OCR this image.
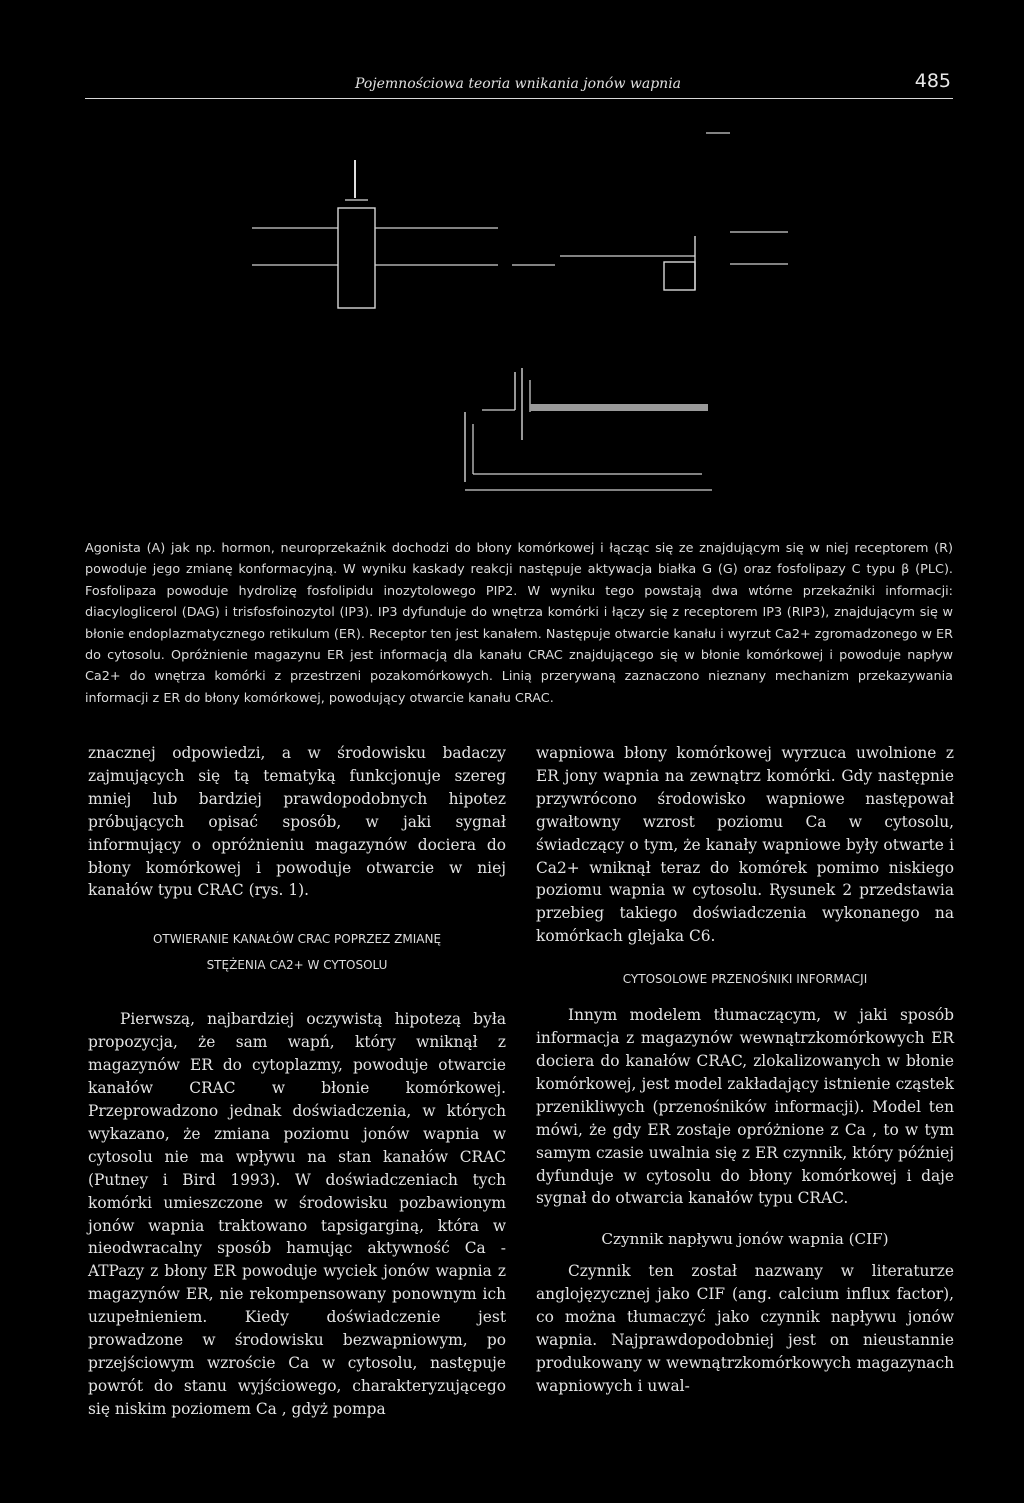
Pojemnościowa teoria wnikania jonów wapnia	485

Agonista (A) jak np. hormon, neuroprzekaźnik dochodzi do błony komórkowej i łącząc się ze znajdującym się w niej receptorem (R) powoduje jego zmianę konformacyjną. W wyniku kaskady reakcji następuje aktywacja białka G (G) oraz fosfolipazy C typu β (PLC). Fosfolipaza powoduje hydrolizę fosfolipidu inozytolowego PIP2. W wyniku tego powstają dwa wtórne przekaźniki informacji: diacyloglicerol (DAG) i trisfosfoinozytol (IP3). IP3 dyfunduje do wnętrza komórki i łączy się z receptorem IP3 (RIP3), znajdującym się w błonie endoplazmatycznego retikulum (ER). Receptor ten jest kanałem. Następuje otwarcie kanału i wyrzut Ca2+ zgromadzonego w ER do cytosolu. Opróżnienie magazynu ER jest informacją dla kanału CRAC znajdującego się w błonie komórkowej i powoduje napływ Ca2+ do wnętrza komórki z przestrzeni pozakomórkowych. Linią przerywaną zaznaczono nieznany mechanizm przekazywania informacji z ER do błony komórkowej, powodujący otwarcie kanału CRAC.

znacznej odpowiedzi, a w środowisku badaczy zajmujących się tą tematyką funkcjonuje szereg mniej lub bardziej prawdopodobnych hipotez próbujących opisać sposób, w jaki sygnał informujący o opróżnieniu magazynów dociera do błony komórkowej i powoduje otwarcie w niej kanałów typu CRAC (rys. 1).

OTWIERANIE KANAŁÓW CRAC POPRZEZ ZMIANĘ

STĘŻENIA CA2+ W CYTOSOLU

Pierwszą, najbardziej oczywistą hipotezą była propozycja, że sam wapń, który wniknął z magazynów ER do cytoplazmy, powoduje otwarcie kanałów CRAC w błonie komórkowej. Przeprowadzono jednak doświadczenia, w których wykazano, że zmiana poziomu jonów wapnia w cytosolu nie ma wpływu na stan kanałów CRAC (Putney i Bird 1993). W doświadczeniach tych komórki umieszczone w środowisku pozbawionym jonów wapnia traktowano tapsigarginą, która w nieodwracalny sposób hamując aktywność Ca -ATPazy z błony ER powoduje wyciek jonów wapnia z magazynów ER, nie rekompensowany ponownym ich uzupełnieniem. Kiedy doświadczenie jest prowadzone w środowisku bezwapniowym, po przejściowym wzroście Ca w cytosolu, następuje powrót do stanu wyjściowego, charakteryzującego się niskim poziomem Ca , gdyż pompa

wapniowa błony komórkowej wyrzuca uwolnione z ER jony wapnia na zewnątrz komórki. Gdy następnie przywrócono środowisko wapniowe następował gwałtowny wzrost poziomu Ca w cytosolu, świadczący o tym, że kanały wapniowe były otwarte i Ca2+ wniknął teraz do komórek pomimo niskiego poziomu wapnia w cytosolu. Rysunek 2 przedstawia przebieg takiego doświadczenia wykonanego na komórkach glejaka C6.

CYTOSOLOWE PRZENOŚNIKI INFORMACJI

Innym modelem tłumaczącym, w jaki sposób informacja z magazynów wewnątrzkomórkowych ER dociera do kanałów CRAC, zlokalizowanych w błonie komórkowej, jest model zakładający istnienie cząstek przenikliwych (przenośników informacji). Model ten mówi, że gdy ER zostaje opróżnione z Ca , to w tym samym czasie uwalnia się z ER czynnik, który później dyfunduje w cytosolu do błony komórkowej i daje sygnał do otwarcia kanałów typu CRAC.

Czynnik napływu jonów wapnia (CIF)

Czynnik ten został nazwany w literaturze anglojęzycznej jako CIF (ang. calcium influx factor), co można tłumaczyć jako czynnik napływu jonów wapnia. Najprawdopodobniej jest on nieustannie produkowany w wewnątrzkomórkowych magazynach wapniowych i uwal-
